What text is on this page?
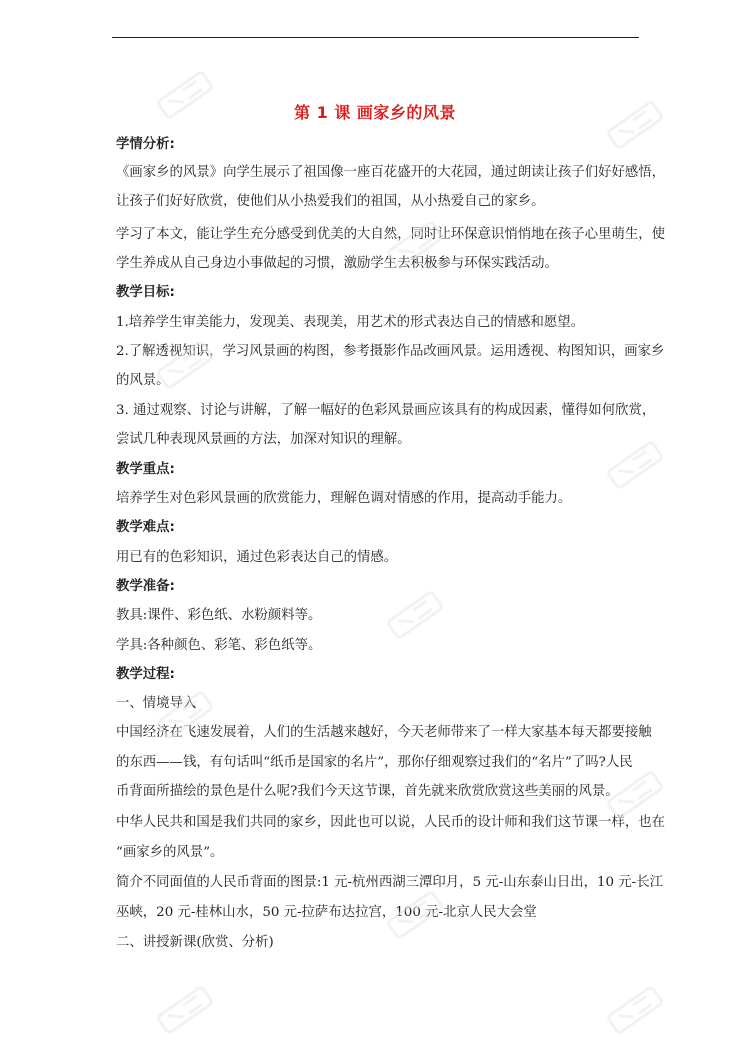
第 1 课 画家乡的风景
学情分析:
《画家乡的风景》向学生展示了祖国像一座百花盛开的大花园，通过朗读让孩子们好好感悟，
让孩子们好好欣赏，使他们从小热爱我们的祖国，从小热爱自己的家乡。
学习了本文，能让学生充分感受到优美的大自然，同时让环保意识悄悄地在孩子心里萌生，使
学生养成从自己身边小事做起的习惯，激励学生去积极参与环保实践活动。
教学目标:
1.培养学生审美能力，发现美、表现美，用艺术的形式表达自己的情感和愿望。
2.了解透视知识，学习风景画的构图，参考摄影作品改画风景。运用透视、构图知识，画家乡
的风景。
3. 通过观察、讨论与讲解，了解一幅好的色彩风景画应该具有的构成因素，懂得如何欣赏，
尝试几种表现风景画的方法，加深对知识的理解。
教学重点:
培养学生对色彩风景画的欣赏能力，理解色调对情感的作用，提高动手能力。
教学难点:
用已有的色彩知识，通过色彩表达自己的情感。
教学准备:
教具:课件、彩色纸、水粉颜料等。
学具:各种颜色、彩笔、彩色纸等。
教学过程:
一、情境导入
中国经济在飞速发展着，人们的生活越来越好，今天老师带来了一样大家基本每天都要接触
的东西——钱，有句话叫“纸币是国家的名片”，那你仔细观察过我们的“名片”了吗?人民
币背面所描绘的景色是什么呢?我们今天这节课，首先就来欣赏欣赏这些美丽的风景。
中华人民共和国是我们共同的家乡，因此也可以说，人民币的设计师和我们这节课一样，也在
“画家乡的风景”。
简介不同面值的人民币背面的图景:1 元-杭州西湖三潭印月，5 元-山东泰山日出，10 元-长江
巫峡，20 元-桂林山水，50 元-拉萨布达拉宫，100 元-北京人民大会堂
二、讲授新课(欣赏、分析)
